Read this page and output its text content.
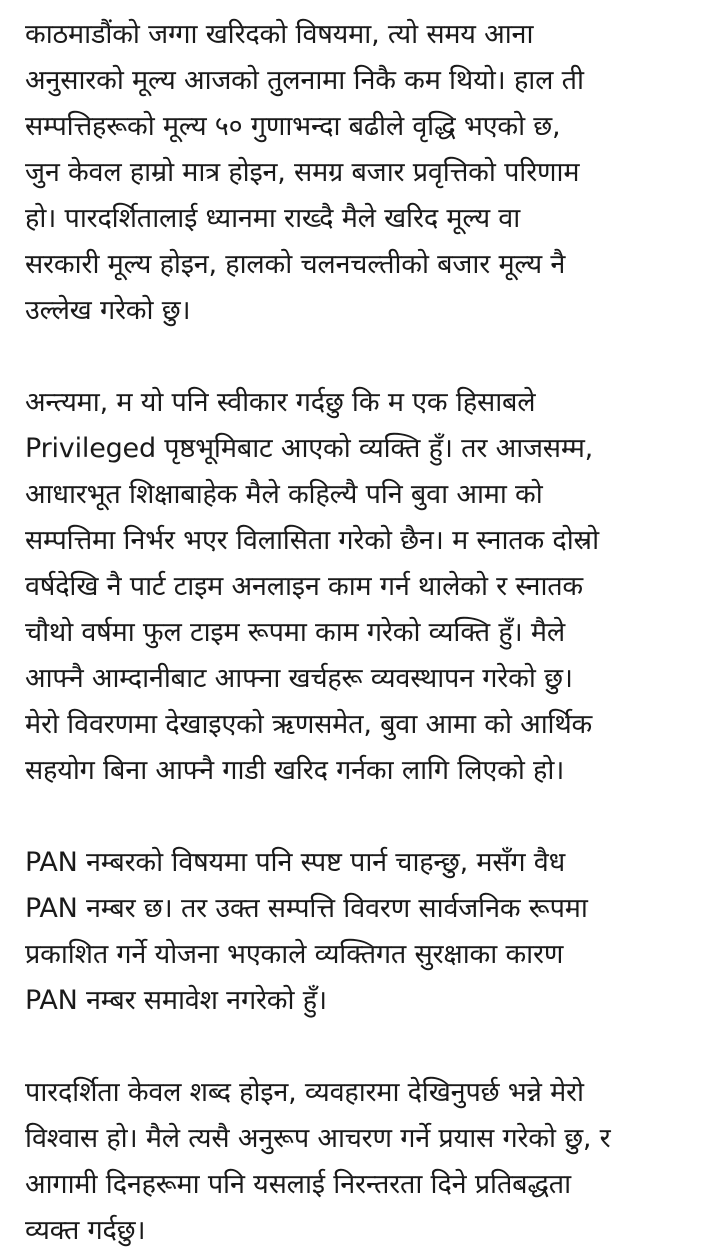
काठमाडौंको जग्गा खरिदको विषयमा, त्यो समय आना
अनुसारको मूल्य आजको तुलनामा निकै कम थियो। हाल ती
सम्पत्तिहरूको मूल्य ५० गुणाभन्दा बढीले वृद्धि भएको छ,
जुन केवल हाम्रो मात्र होइन, समग्र बजार प्रवृत्तिको परिणाम
हो। पारदर्शितालाई ध्यानमा राख्दै मैले खरिद मूल्य वा
सरकारी मूल्य होइन, हालको चलनचल्तीको बजार मूल्य नै
उल्लेख गरेको छु।

अन्त्यमा, म यो पनि स्वीकार गर्दछु कि म एक हिसाबले
Privileged पृष्ठभूमिबाट आएको व्यक्ति हुँ। तर आजसम्म,
आधारभूत शिक्षाबाहेक मैले कहिल्यै पनि बुवा आमा को
सम्पत्तिमा निर्भर भएर विलासिता गरेको छैन। म स्नातक दोस्रो
वर्षदेखि नै पार्ट टाइम अनलाइन काम गर्न थालेको र स्नातक
चौथो वर्षमा फुल टाइम रूपमा काम गरेको व्यक्ति हुँ। मैले
आफ्नै आम्दानीबाट आफ्ना खर्चहरू व्यवस्थापन गरेको छु।
मेरो विवरणमा देखाइएको ऋणसमेत, बुवा आमा को आर्थिक
सहयोग बिना आफ्नै गाडी खरिद गर्नका लागि लिएको हो।

PAN नम्बरको विषयमा पनि स्पष्ट पार्न चाहन्छु, मसँग वैध
PAN नम्बर छ। तर उक्त सम्पत्ति विवरण सार्वजनिक रूपमा
प्रकाशित गर्ने योजना भएकाले व्यक्तिगत सुरक्षाका कारण
PAN नम्बर समावेश नगरेको हुँ।

पारदर्शिता केवल शब्द होइन, व्यवहारमा देखिनुपर्छ भन्ने मेरो
विश्वास हो। मैले त्यसै अनुरूप आचरण गर्ने प्रयास गरेको छु, र
आगामी दिनहरूमा पनि यसलाई निरन्तरता दिने प्रतिबद्धता
व्यक्त गर्दछु।
